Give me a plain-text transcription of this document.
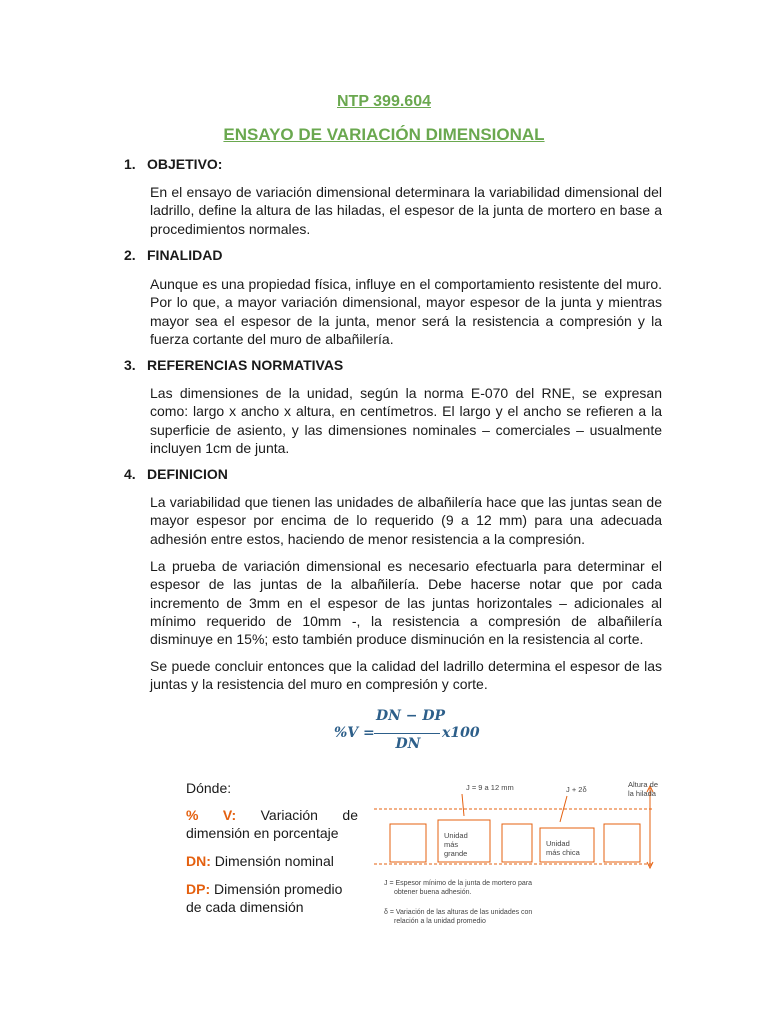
NTP 399.604
ENSAYO DE VARIACIÓN DIMENSIONAL
1. OBJETIVO:
En el ensayo de variación dimensional determinara la variabilidad dimensional del ladrillo, define la altura de las hiladas, el espesor de la junta de mortero en base a procedimientos normales.
2. FINALIDAD
Aunque es una propiedad física, influye en el comportamiento resistente del muro. Por lo que, a mayor variación dimensional, mayor espesor de la junta y mientras mayor sea el espesor de la junta, menor será la resistencia a compresión y la fuerza cortante del muro de albañilería.
3. REFERENCIAS NORMATIVAS
Las dimensiones de la unidad, según la norma E-070 del RNE, se expresan como: largo x ancho x altura, en centímetros. El largo y el ancho se refieren a la superficie de asiento, y las dimensiones nominales – comerciales – usualmente incluyen 1cm de junta.
4. DEFINICION
La variabilidad que tienen las unidades de albañilería hace que las juntas sean de mayor espesor por encima de lo requerido (9 a 12 mm) para una adecuada adhesión entre estos, haciendo de menor resistencia a la compresión.
La prueba de variación dimensional es necesario efectuarla para determinar el espesor de las juntas de la albañilería. Debe hacerse notar que por cada incremento de 3mm en el espesor de las juntas horizontales – adicionales al mínimo requerido de 10mm -, la resistencia a compresión de albañilería disminuye en 15%; esto también produce disminución en la resistencia al corte.
Se puede concluir entonces que la calidad del ladrillo determina el espesor de las juntas y la resistencia del muro en compresión y corte.
%V =
DN − DP
DN
x100
Dónde:
% V: Variación de
dimensión en porcentaje
DN: Dimensión nominal
DP: Dimensión promedio de cada dimensión
J = 9 a 12 mm	J + 2δ
Altura de
la hilada
Unidad
más
grande
Unidad
más chica
J = Espesor mínimo de la junta de mortero para
obtener buena adhesión.
δ = Variación de las alturas de las unidades con
relación a la unidad promedio
